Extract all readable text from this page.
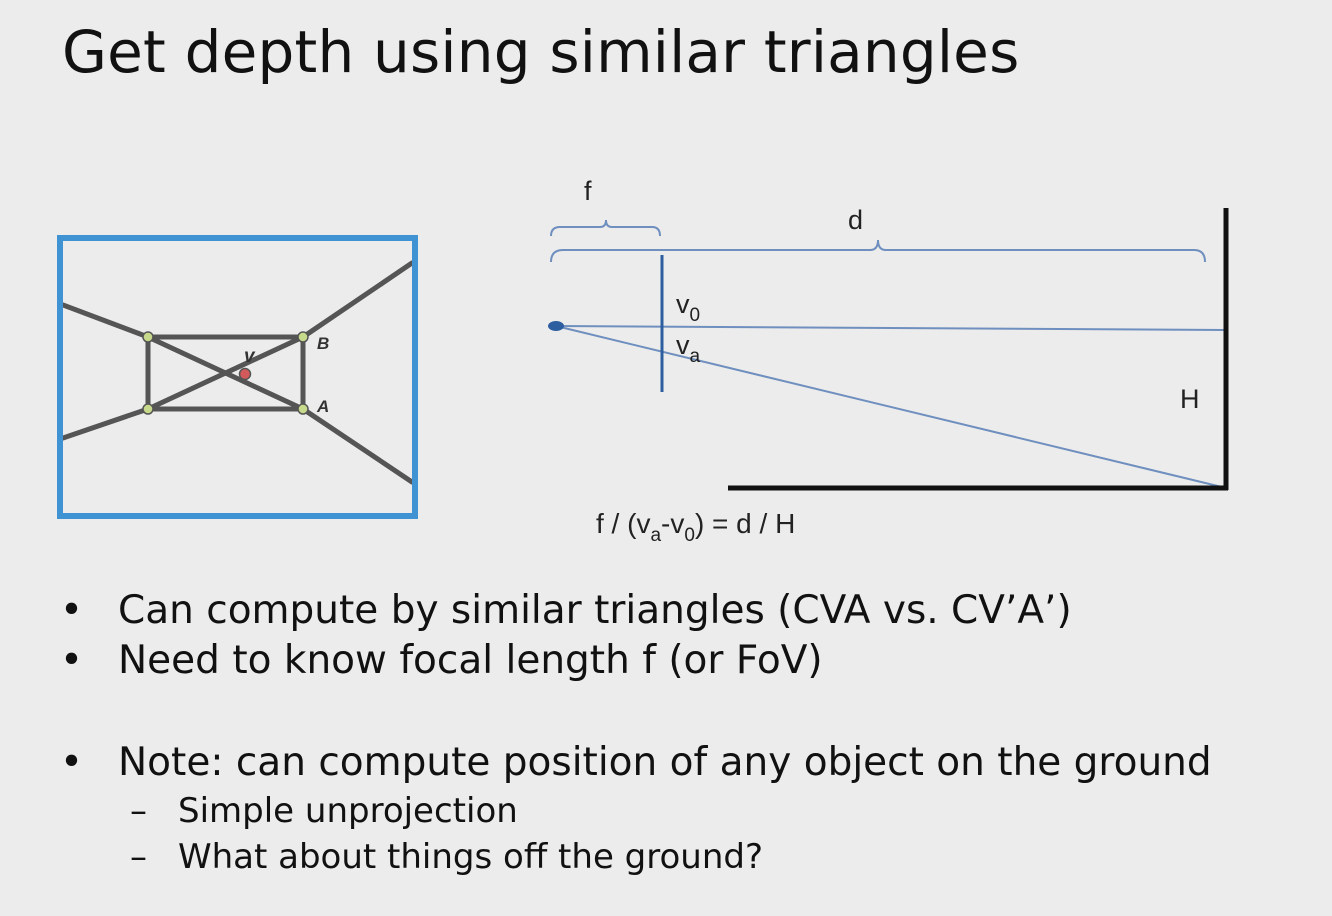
Get depth using similar triangles
v
B
A
f
d
$v_0$
$v_a$
H
$f / (v_a-v_0) = d / H$
• Can compute by similar triangles (CVA vs. CV’A’)
• Need to know focal length f (or FoV)
• Note: can compute position of any object on the ground
– Simple unprojection
– What about things off the ground?
